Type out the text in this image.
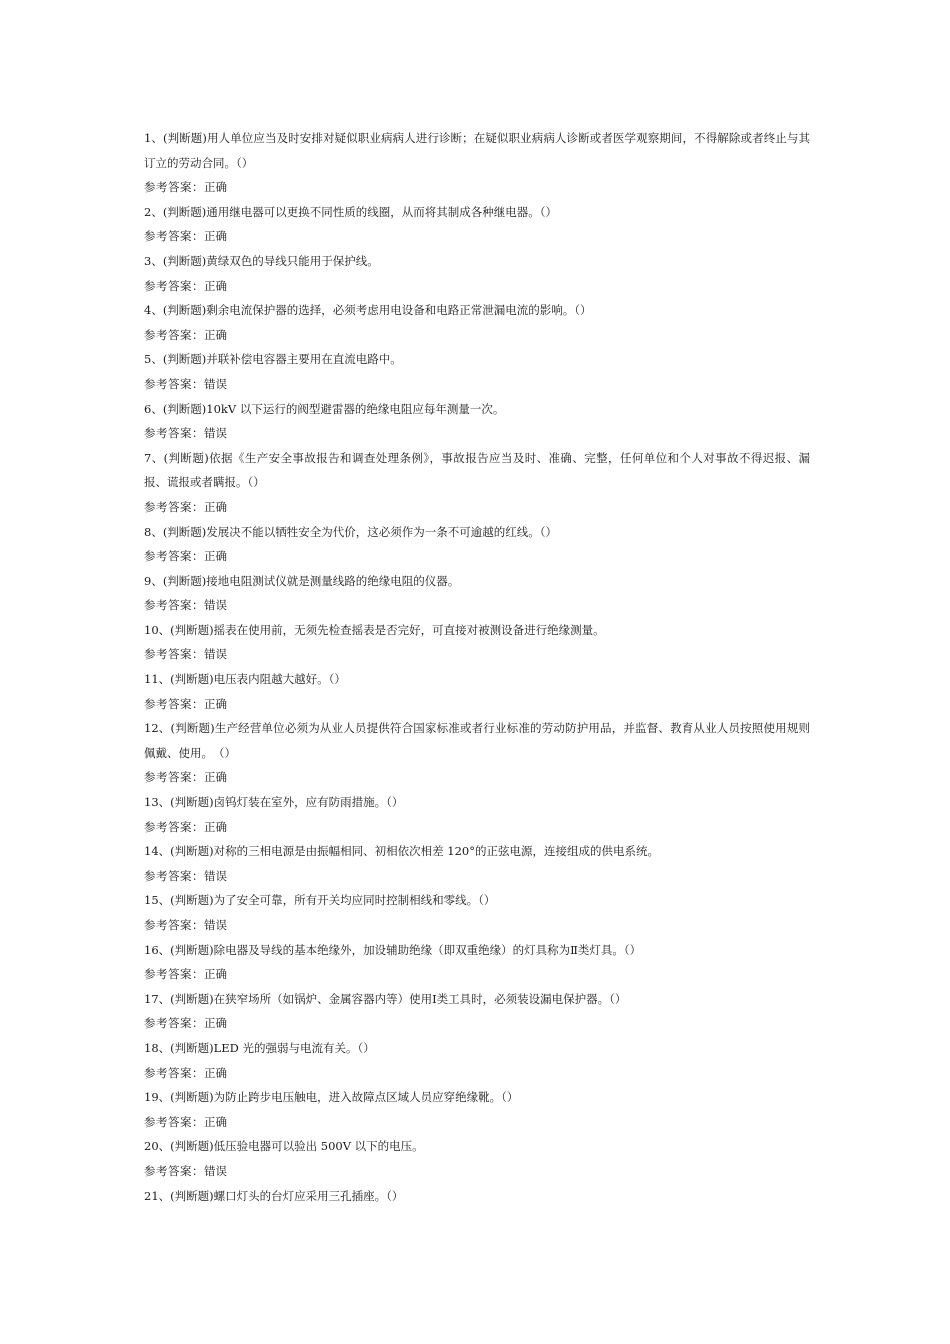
1、(判断题)用人单位应当及时安排对疑似职业病病人进行诊断；在疑似职业病病人诊断或者医学观察期间，不得解除或者终止与其订立的劳动合同。（）

参考答案：正确

2、(判断题)通用继电器可以更换不同性质的线圈，从而将其制成各种继电器。（）

参考答案：正确

3、(判断题)黄绿双色的导线只能用于保护线。

参考答案：正确

4、(判断题)剩余电流保护器的选择，必须考虑用电设备和电路正常泄漏电流的影响。（）

参考答案：正确

5、(判断题)并联补偿电容器主要用在直流电路中。

参考答案：错误

6、(判断题)10kV 以下运行的阀型避雷器的绝缘电阻应每年测量一次。

参考答案：错误

7、(判断题)依据《生产安全事故报告和调查处理条例》，事故报告应当及时、准确、完整，任何单位和个人对事故不得迟报、漏报、谎报或者瞒报。（）

参考答案：正确

8、(判断题)发展决不能以牺牲安全为代价，这必须作为一条不可逾越的红线。（）

参考答案：正确

9、(判断题)接地电阻测试仪就是测量线路的绝缘电阻的仪器。

参考答案：错误

10、(判断题)摇表在使用前，无须先检查摇表是否完好，可直接对被测设备进行绝缘测量。

参考答案：错误

11、(判断题)电压表内阻越大越好。（）

参考答案：正确

12、(判断题)生产经营单位必须为从业人员提供符合国家标准或者行业标准的劳动防护用品，并监督、教育从业人员按照使用规则佩戴、使用。　（）

参考答案：正确

13、(判断题)卤钨灯装在室外，应有防雨措施。（）

参考答案：正确

14、(判断题)对称的三相电源是由振幅相同、初相依次相差 120°的正弦电源，连接组成的供电系统。

参考答案：错误

15、(判断题)为了安全可靠，所有开关均应同时控制相线和零线。（）

参考答案：错误

16、(判断题)除电器及导线的基本绝缘外，加设辅助绝缘（即双重绝缘）的灯具称为Ⅱ类灯具。（）

参考答案：正确

17、(判断题)在狭窄场所（如锅炉、金属容器内等）使用Ⅰ类工具时，必须装设漏电保护器。（）

参考答案：正确

18、(判断题)LED 光的强弱与电流有关。（）

参考答案：正确

19、(判断题)为防止跨步电压触电，进入故障点区域人员应穿绝缘靴。（）

参考答案：正确

20、(判断题)低压验电器可以验出 500V 以下的电压。

参考答案：错误

21、(判断题)螺口灯头的台灯应采用三孔插座。（）
